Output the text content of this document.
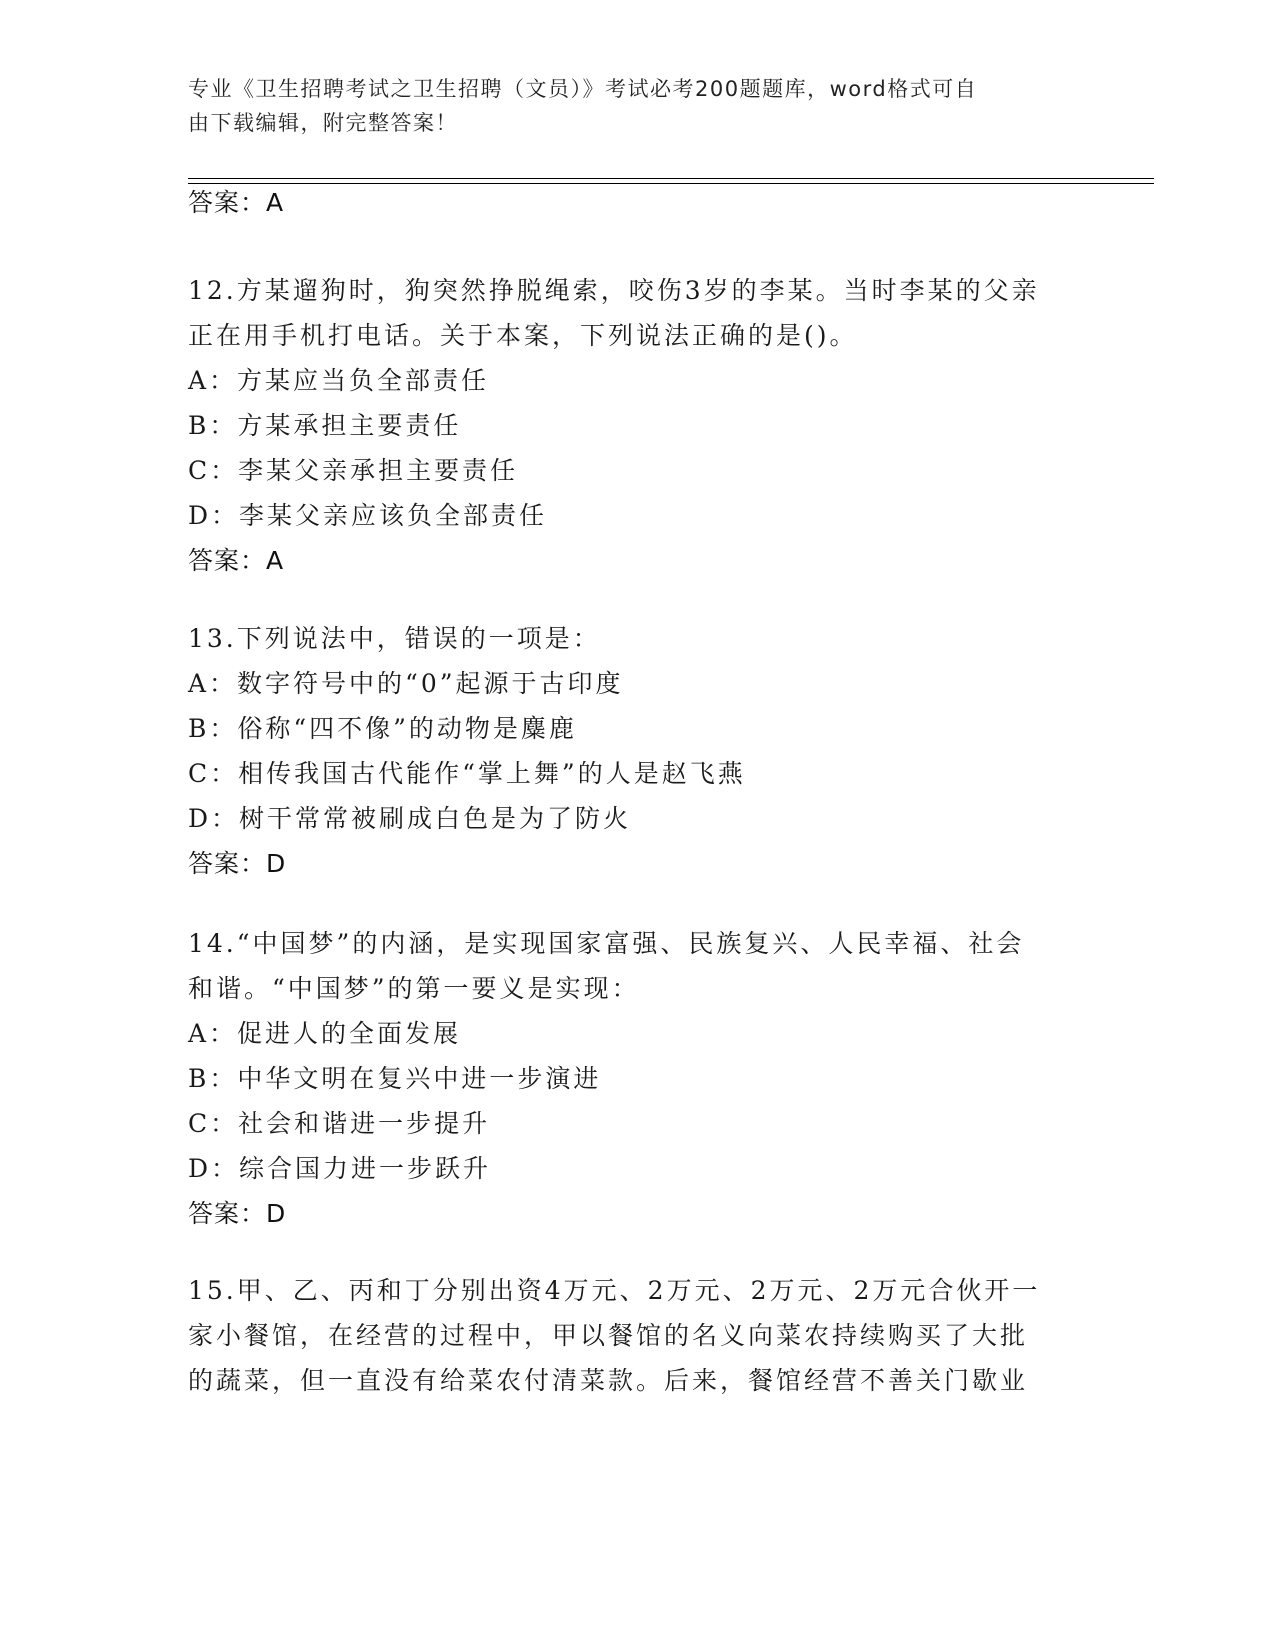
专业《卫生招聘考试之卫生招聘（文员）》考试必考200题题库，word格式可自
由下载编辑，附完整答案！
答案：A
12.方某遛狗时，狗突然挣脱绳索，咬伤3岁的李某。当时李某的父亲
正在用手机打电话。关于本案，下列说法正确的是()。
A：方某应当负全部责任
B：方某承担主要责任
C：李某父亲承担主要责任
D：李某父亲应该负全部责任
答案：A
13.下列说法中，错误的一项是：
A：数字符号中的“0”起源于古印度
B：俗称“四不像”的动物是麋鹿
C：相传我国古代能作“掌上舞”的人是赵飞燕
D：树干常常被刷成白色是为了防火
答案：D
14.“中国梦”的内涵，是实现国家富强、民族复兴、人民幸福、社会
和谐。“中国梦”的第一要义是实现：
A：促进人的全面发展
B：中华文明在复兴中进一步演进
C：社会和谐进一步提升
D：综合国力进一步跃升
答案：D
15.甲、乙、丙和丁分别出资4万元、2万元、2万元、2万元合伙开一
家小餐馆，在经营的过程中，甲以餐馆的名义向菜农持续购买了大批
的蔬菜，但一直没有给菜农付清菜款。后来，餐馆经营不善关门歇业
